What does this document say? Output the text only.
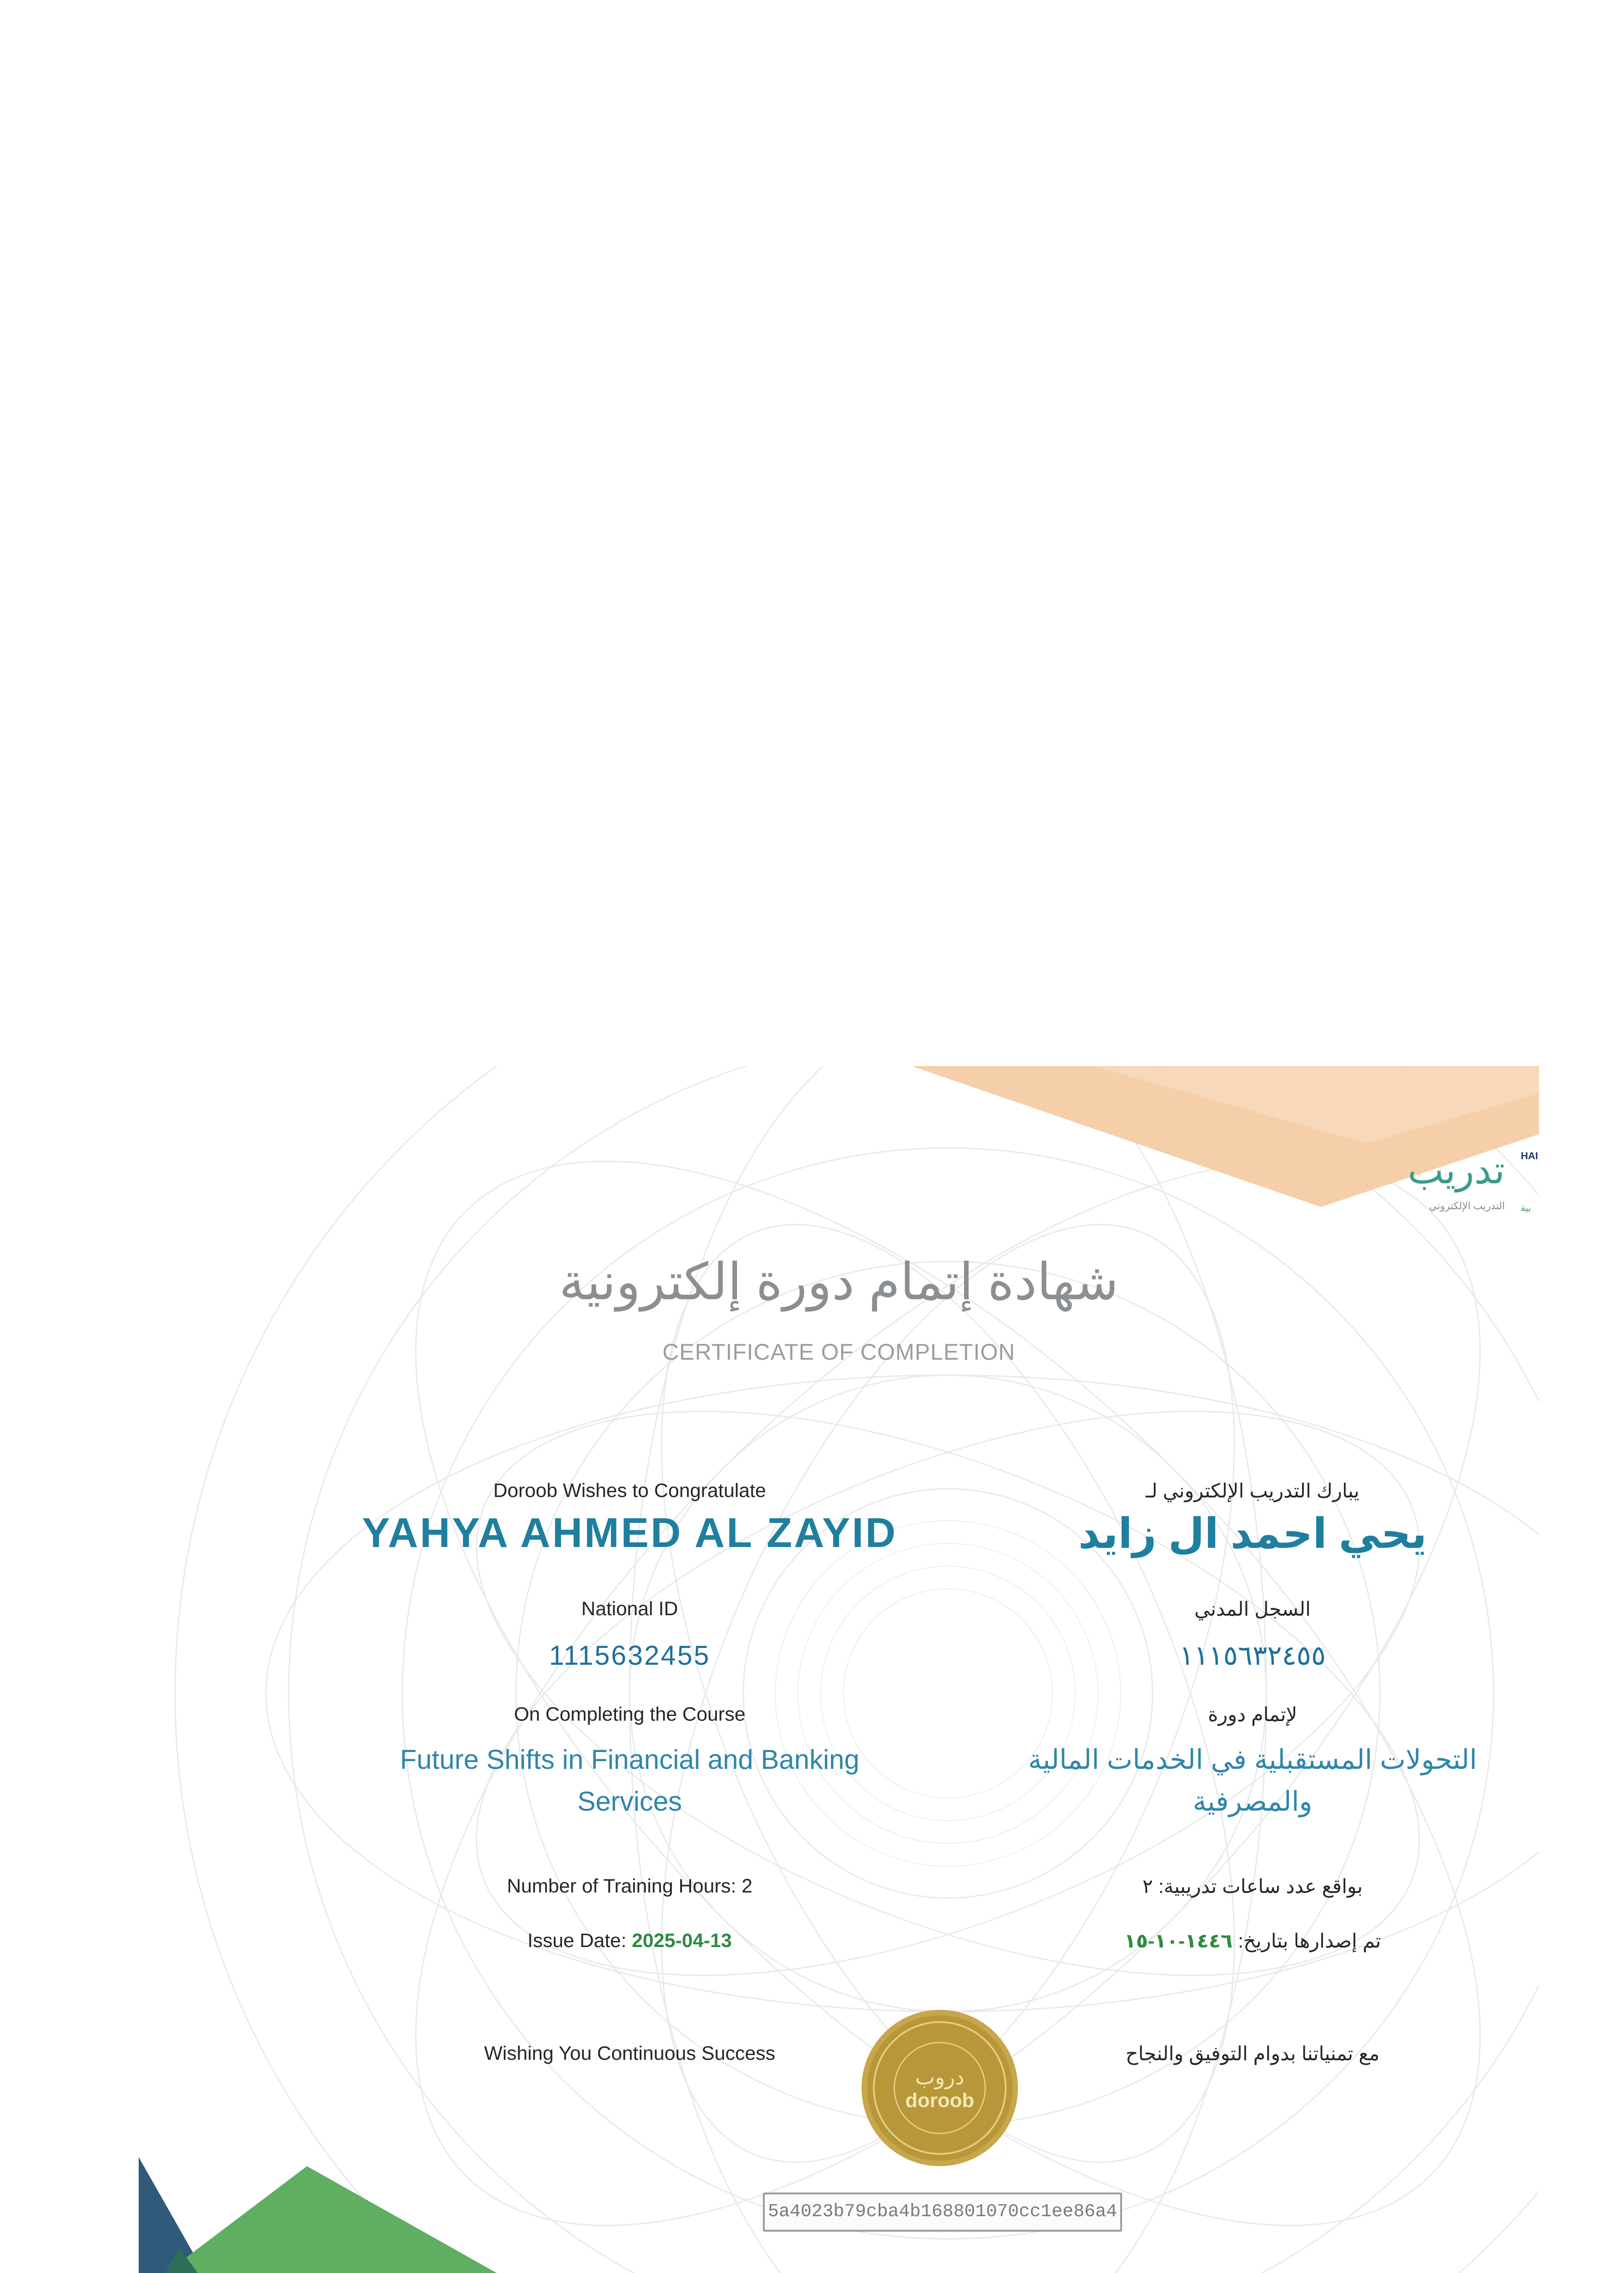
دروب
doroob
تدريب
التدريب الإلكتروني
HAI
بية
شهادة إتمام دورة إلكترونية
CERTIFICATE OF COMPLETION
Doroob Wishes to Congratulate
YAHYA AHMED AL ZAYID
National ID
1115632455
On Completing the Course
Future Shifts in Financial and Banking
Services
Number of Training Hours: 2
Issue Date: 2025-04-13
Wishing You Continuous Success
يبارك التدريب الإلكتروني لـ
يحي احمد ال زايد
السجل المدني
١١١٥٦٣٢٤٥٥
لإتمام دورة
التحولات المستقبلية في الخدمات المالية
والمصرفية
بواقع عدد ساعات تدريبية: ٢
تم إصدارها بتاريخ: ١٤٤٦-١٠-١٥
مع تمنياتنا بدوام التوفيق والنجاح
5a4023b79cba4b168801070cc1ee86a4
